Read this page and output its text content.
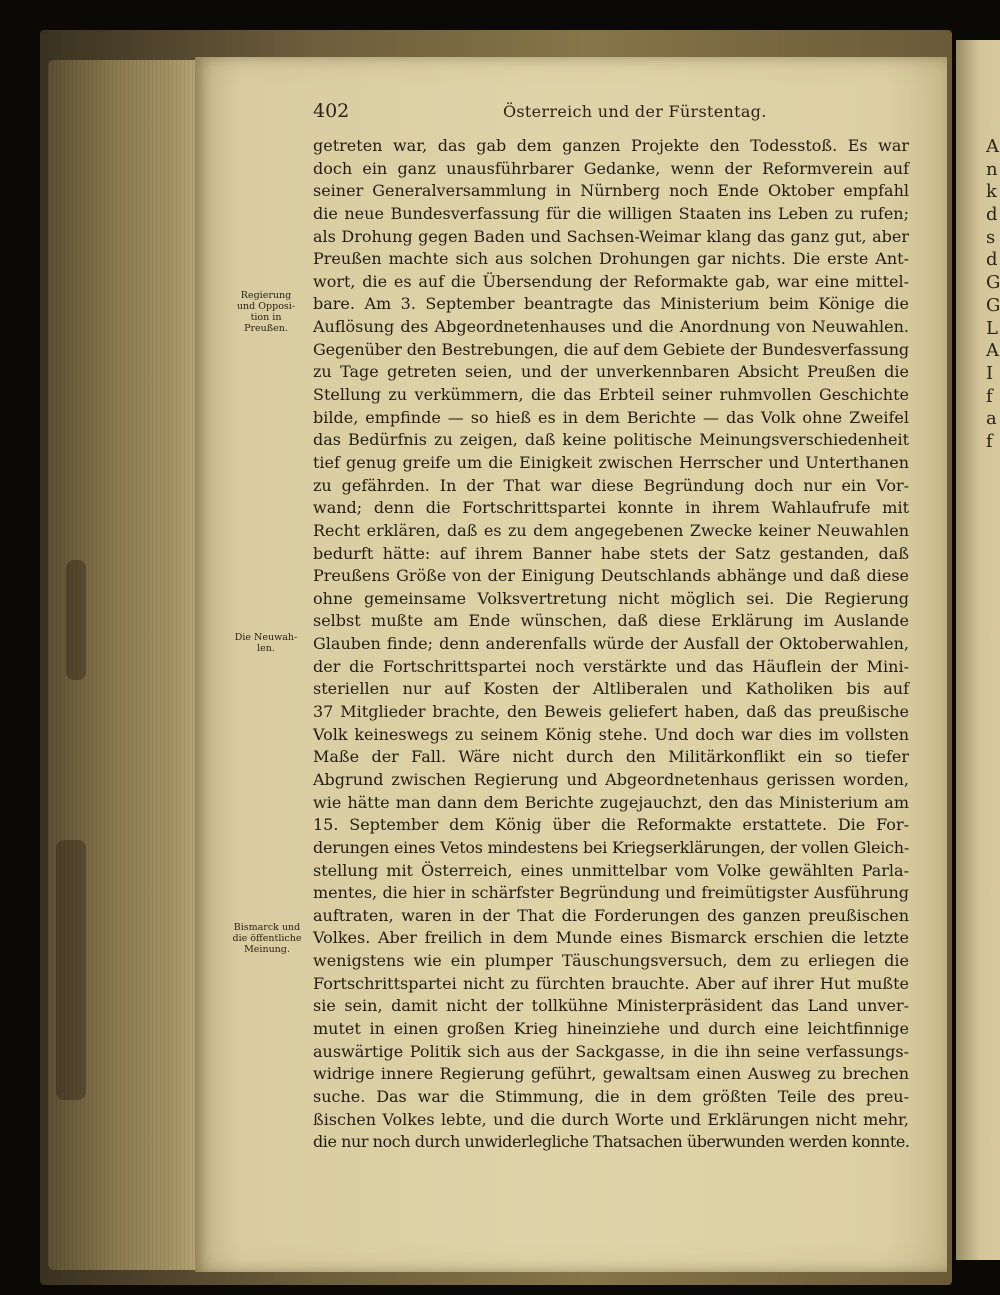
A
n
k
d
s
d
G
G
L
A
I
f
a
f
402	Österreich und der Fürstentag.
Regierung
und Opposi-
tion in
Preußen.
Die Neuwah-
len.
Bismarck und
die öffentliche
Meinung.
getreten war, das gab dem ganzen Projekte den Todesstoß. Es war
doch ein ganz unausführbarer Gedanke, wenn der Reformverein auf
seiner Generalversammlung in Nürnberg noch Ende Oktober empfahl
die neue Bundesverfassung für die willigen Staaten ins Leben zu rufen;
als Drohung gegen Baden und Sachsen-Weimar klang das ganz gut, aber
Preußen machte sich aus solchen Drohungen gar nichts. Die erste Ant-
wort, die es auf die Übersendung der Reformakte gab, war eine mittel-
bare. Am 3. September beantragte das Ministerium beim Könige die
Auflösung des Abgeordnetenhauses und die Anordnung von Neuwahlen.
Gegenüber den Bestrebungen, die auf dem Gebiete der Bundesverfassung
zu Tage getreten seien, und der unverkennbaren Absicht Preußen die
Stellung zu verkümmern, die das Erbteil seiner ruhmvollen Geschichte
bilde, empfinde — so hieß es in dem Berichte — das Volk ohne Zweifel
das Bedürfnis zu zeigen, daß keine politische Meinungsverschiedenheit
tief genug greife um die Einigkeit zwischen Herrscher und Unterthanen
zu gefährden. In der That war diese Begründung doch nur ein Vor-
wand; denn die Fortschrittspartei konnte in ihrem Wahlaufrufe mit
Recht erklären, daß es zu dem angegebenen Zwecke keiner Neuwahlen
bedurft hätte: auf ihrem Banner habe stets der Satz gestanden, daß
Preußens Größe von der Einigung Deutschlands abhänge und daß diese
ohne gemeinsame Volksvertretung nicht möglich sei. Die Regierung
selbst mußte am Ende wünschen, daß diese Erklärung im Auslande
Glauben finde; denn anderenfalls würde der Ausfall der Oktoberwahlen,
der die Fortschrittspartei noch verstärkte und das Häuflein der Mini-
steriellen nur auf Kosten der Altliberalen und Katholiken bis auf
37 Mitglieder brachte, den Beweis geliefert haben, daß das preußische
Volk keineswegs zu seinem König stehe. Und doch war dies im vollsten
Maße der Fall. Wäre nicht durch den Militärkonflikt ein so tiefer
Abgrund zwischen Regierung und Abgeordnetenhaus gerissen worden,
wie hätte man dann dem Berichte zugejauchzt, den das Ministerium am
15. September dem König über die Reformakte erstattete. Die For-
derungen eines Vetos mindestens bei Kriegserklärungen, der vollen Gleich-
stellung mit Österreich, eines unmittelbar vom Volke gewählten Parla-
mentes, die hier in schärfster Begründung und freimütigster Ausführung
auftraten, waren in der That die Forderungen des ganzen preußischen
Volkes. Aber freilich in dem Munde eines Bismarck erschien die letzte
wenigstens wie ein plumper Täuschungsversuch, dem zu erliegen die
Fortschrittspartei nicht zu fürchten brauchte. Aber auf ihrer Hut mußte
sie sein, damit nicht der tollkühne Ministerpräsident das Land unver-
mutet in einen großen Krieg hineinziehe und durch eine leichtfinnige
auswärtige Politik sich aus der Sackgasse, in die ihn seine verfassungs-
widrige innere Regierung geführt, gewaltsam einen Ausweg zu brechen
suche. Das war die Stimmung, die in dem größten Teile des preu-
ßischen Volkes lebte, und die durch Worte und Erklärungen nicht mehr,
die nur noch durch unwiderlegliche Thatsachen überwunden werden konnte.
